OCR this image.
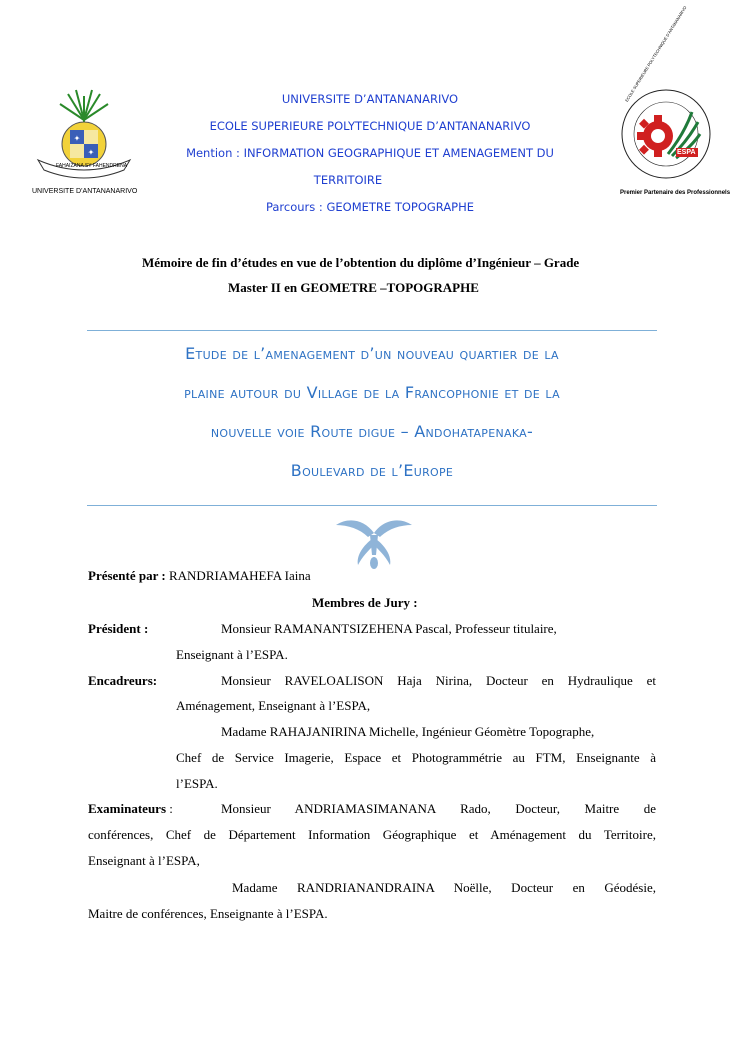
✦
✦
FAHAIZANA SY FAHENDRENA
UNIVERSITE D’ANTANANARIVO
ECOLE SUPERIEURE POLYTECHNIQUE D’ANTANANARIVO
ESPA
Premier Partenaire des Professionnels
UNIVERSITE D’ANTANANARIVO
ECOLE SUPERIEURE POLYTECHNIQUE D’ANTANANARIVO
Mention : INFORMATION GEOGRAPHIQUE ET AMENAGEMENT DU
TERRITOIRE
Parcours : GEOMETRE TOPOGRAPHE
Mémoire de fin d’études en vue de l’obtention du diplôme d’Ingénieur – Grade
Master II en GEOMETRE –TOPOGRAPHE
Etude de l’amenagement d’un nouveau quartier de la
plaine autour du Village de la Francophonie et de la
nouvelle voie Route digue – Andohatapenaka-
Boulevard de l’Europe
Présenté par : RANDRIAMAHEFA Iaina
Membres de Jury :
Président :	Monsieur RAMANANTSIZEHENA Pascal, Professeur titulaire,
Enseignant à l’ESPA.
Encadreurs:	Monsieur RAVELOALISON Haja Nirina, Docteur en Hydraulique et
Aménagement, Enseignant à l’ESPA,
Madame RAHAJANIRINA Michelle, Ingénieur Géomètre Topographe,
Chef de Service Imagerie, Espace et Photogrammétrie au FTM, Enseignante à
l’ESPA.
Examinateurs :	Monsieur ANDRIAMASIMANANA Rado, Docteur, Maitre de
conférences, Chef de Département Information Géographique et Aménagement du Territoire,
Enseignant à l’ESPA,
Madame RANDRIANANDRAINA Noëlle, Docteur en Géodésie,
Maitre de conférences, Enseignante à l’ESPA.
